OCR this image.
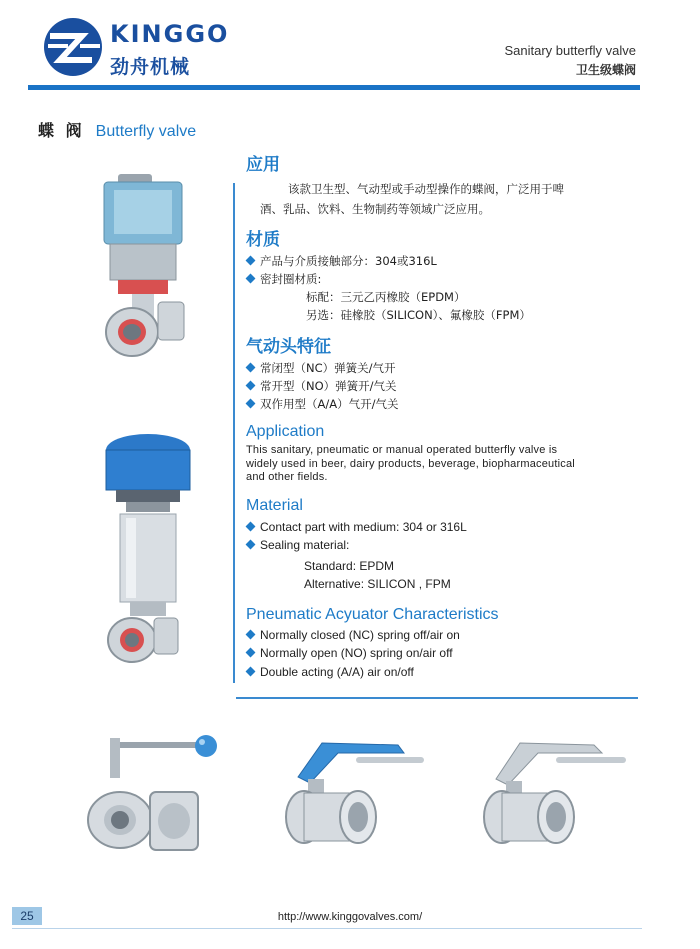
KINGGO
劲舟机械
Sanitary butterfly valve
卫生级蝶阀
蝶 阀 Butterfly valve

应用

该款卫生型、气动型或手动型操作的蝶阀，广泛用于啤

酒、乳品、饮料、生物制药等领域广泛应用。

材质

产品与介质接触部分：304或316L
密封圈材质:
标配：三元乙丙橡胶（EPDM）
另选：硅橡胶（SILICON）、氟橡胶（FPM）

气动头特征

常闭型（NC）弹簧关/气开
常开型（NO）弹簧开/气关
双作用型（A/A）气开/气关

Application

This sanitary, pneumatic or manual operated butterfly valve is

widely used in beer, dairy products, beverage, biopharmaceutical

and other fields.

Material

Contact part with medium: 304 or 316L
Sealing material:
Standard: EPDM
Alternative: SILICON , FPM

Pneumatic Acyuator Characteristics

Normally closed (NC) spring off/air on
Normally open (NO) spring on/air off
Double acting (A/A) air on/off
25	http://www.kinggovalves.com/
